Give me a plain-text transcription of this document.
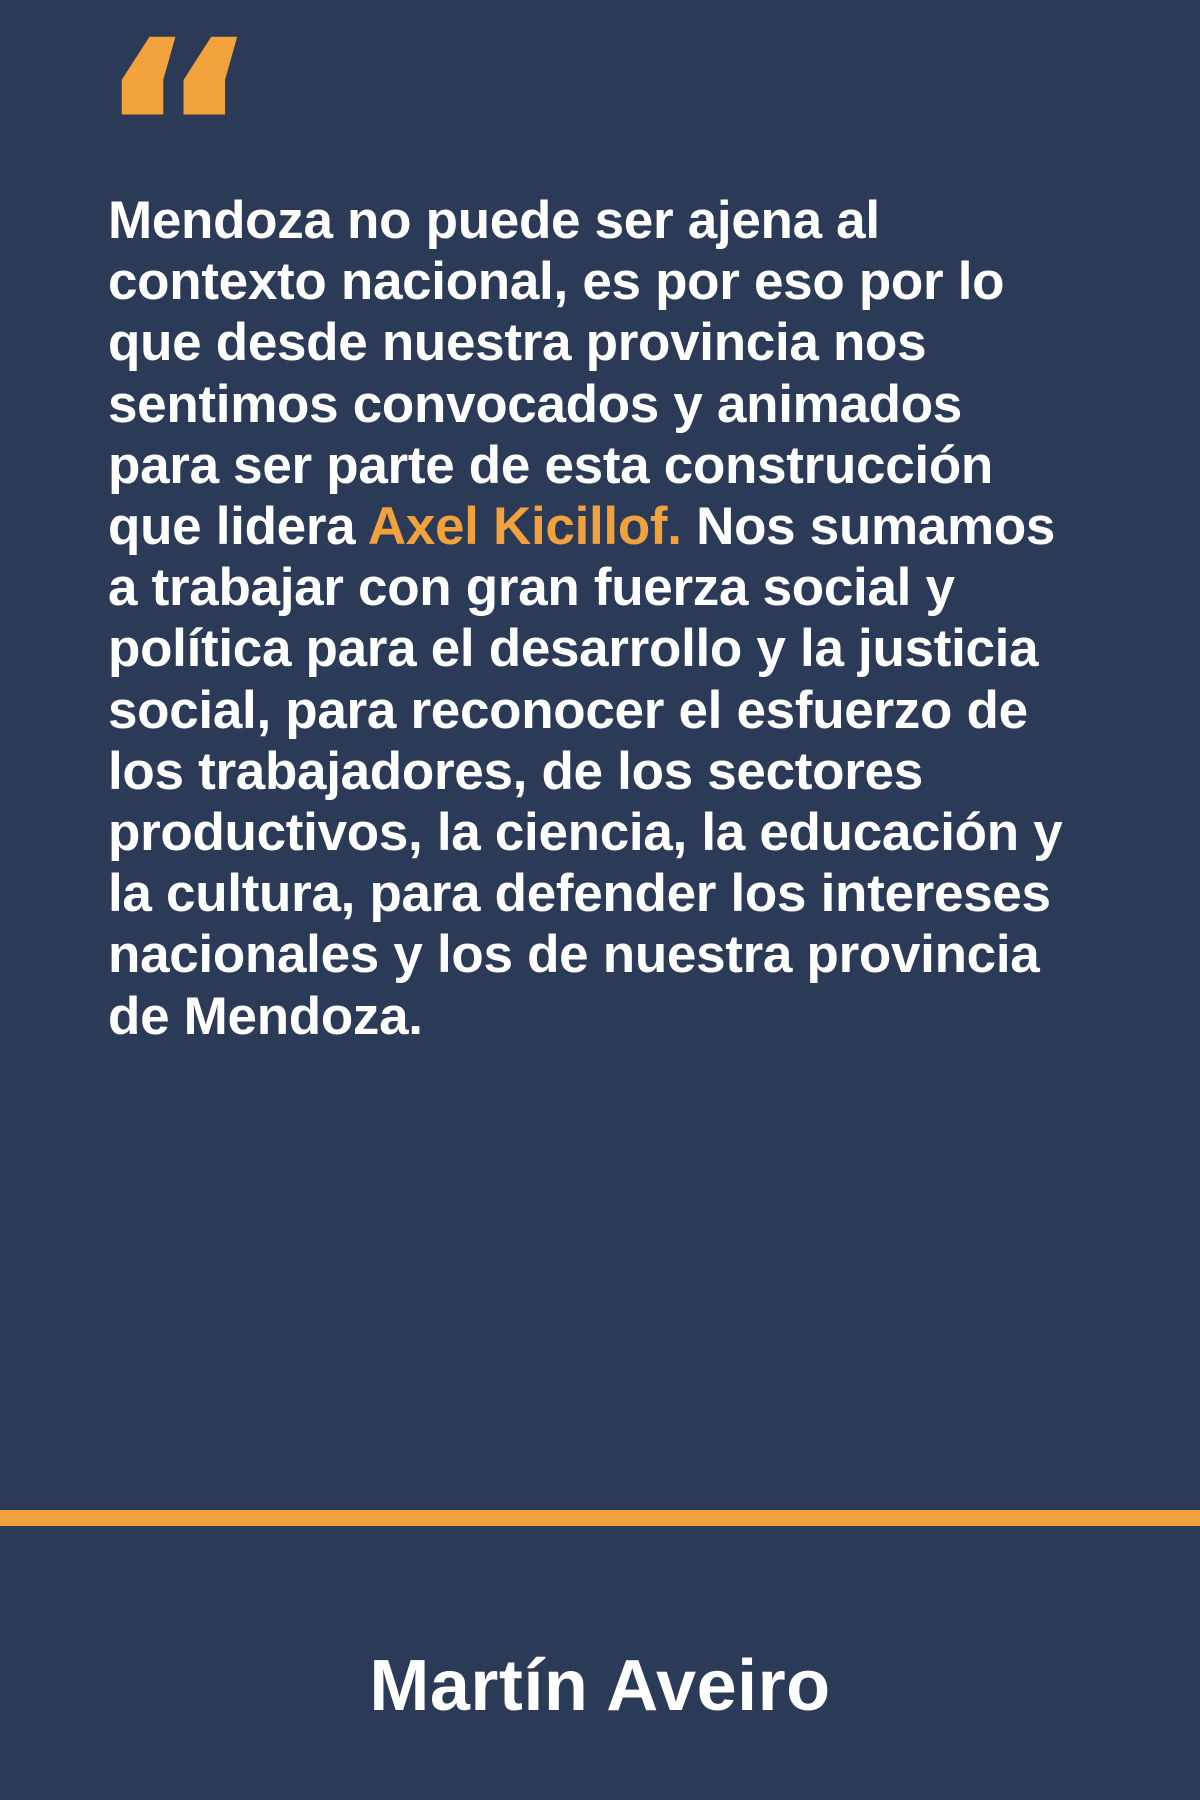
“
Mendoza no puede ser ajena al contexto nacional, es por eso por lo que desde nuestra provincia nos sentimos convocados y animados para ser parte de esta construcción que lidera Axel Kicillof. Nos sumamos a trabajar con gran fuerza social y política para el desarrollo y la justicia social, para reconocer el esfuerzo de los trabajadores, de los sectores productivos, la ciencia, la educación y la cultura, para defender los intereses nacionales y los de nuestra provincia de Mendoza.
Martín Aveiro
